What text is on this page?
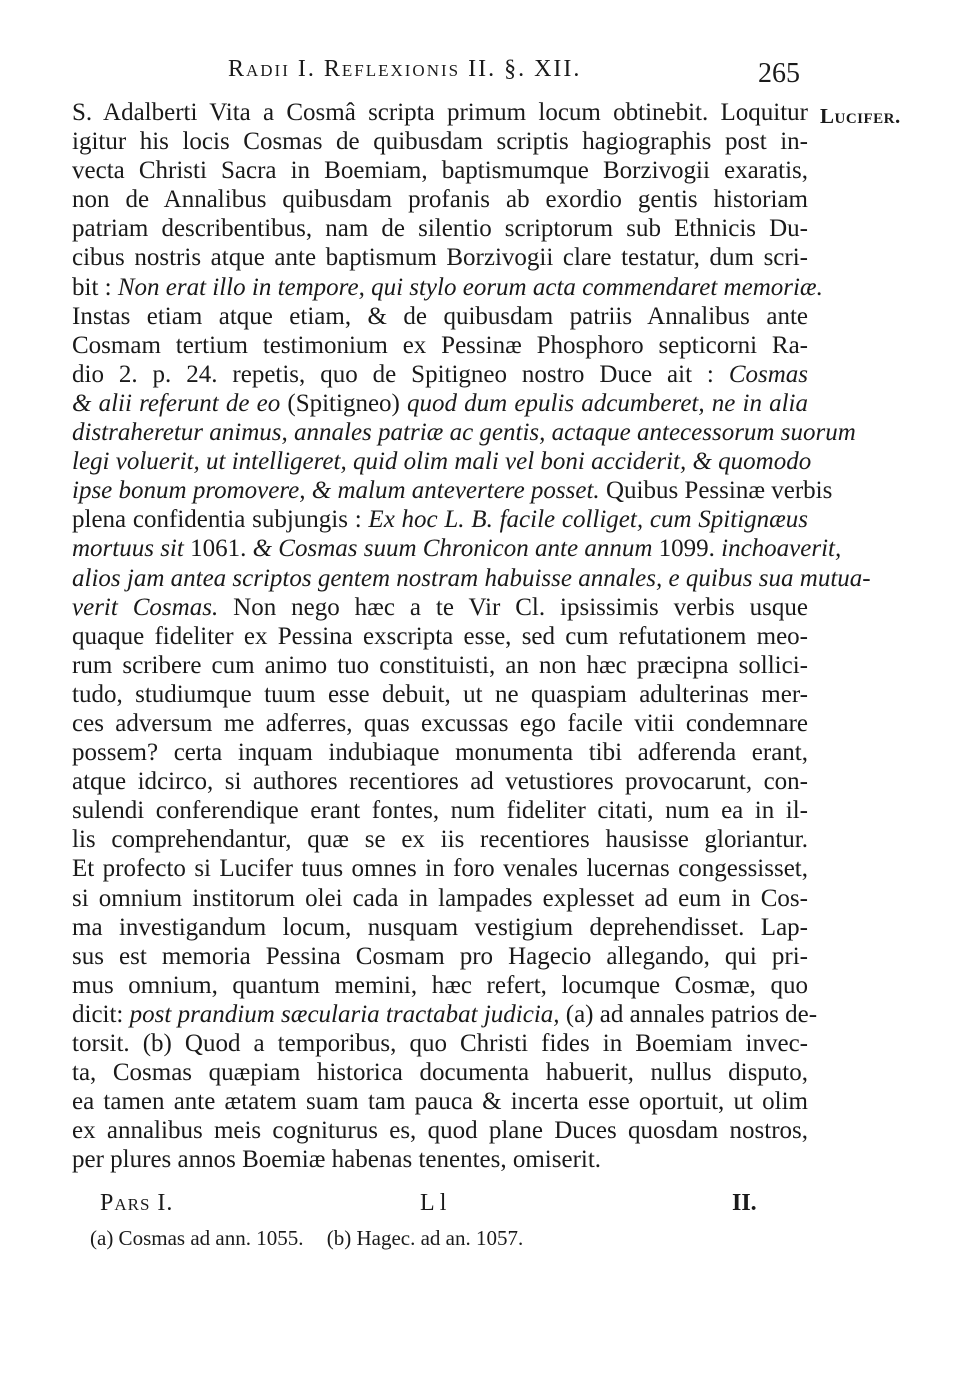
Radii I. Reflexionis II. §. XII.	265
Lucifer.
S. Adalberti Vita a Cosmâ scripta primum locum obtinebit. Loquitur
igitur his locis Cosmas de quibusdam scriptis hagiographis post in-
vecta Christi Sacra in Boemiam, baptismumque Borzivogii exaratis,
non de Annalibus quibusdam profanis ab exordio gentis historiam
patriam describentibus, nam de silentio scriptorum sub Ethnicis Du-
cibus nostris atque ante baptismum Borzivogii clare testatur, dum scri-
bit : Non erat illo in tempore, qui stylo eorum acta commendaret memoriæ.
Instas etiam atque etiam, & de quibusdam patriis Annalibus ante
Cosmam tertium testimonium ex Pessinæ Phosphoro septicorni Ra-
dio 2. p. 24. repetis, quo de Spitigneo nostro Duce ait : Cosmas
& alii referunt de eo (Spitigneo) quod dum epulis adcumberet, ne in alia
distraheretur animus, annales patriæ ac gentis, actaque antecessorum suorum
legi voluerit, ut intelligeret, quid olim mali vel boni acciderit, & quomodo
ipse bonum promovere, & malum antevertere posset. Quibus Pessinæ verbis
plena confidentia subjungis : Ex hoc L. B. facile colliget, cum Spitignæus
mortuus sit 1061. & Cosmas suum Chronicon ante annum 1099. inchoaverit,
alios jam antea scriptos gentem nostram habuisse annales, e quibus sua mutua-
verit Cosmas. Non nego hæc a te Vir Cl. ipsissimis verbis usque
quaque fideliter ex Pessina exscripta esse, sed cum refutationem meo-
rum scribere cum animo tuo constituisti, an non hæc præcipna sollici-
tudo, studiumque tuum esse debuit, ut ne quaspiam adulterinas mer-
ces adversum me adferres, quas excussas ego facile vitii condemnare
possem? certa inquam indubiaque monumenta tibi adferenda erant,
atque idcirco, si authores recentiores ad vetustiores provocarunt, con-
sulendi conferendique erant fontes, num fideliter citati, num ea in il-
lis comprehendantur, quæ se ex iis recentiores hausisse gloriantur.
Et profecto si Lucifer tuus omnes in foro venales lucernas congessisset,
si omnium institorum olei cada in lampades explesset ad eum in Cos-
ma investigandum locum, nusquam vestigium deprehendisset. Lap-
sus est memoria Pessina Cosmam pro Hagecio allegando, qui pri-
mus omnium, quantum memini, hæc refert, locumque Cosmæ, quo
dicit: post prandium sæcularia tractabat judicia, (a) ad annales patrios de-
torsit. (b) Quod a temporibus, quo Christi fides in Boemiam invec-
ta, Cosmas quæpiam historica documenta habuerit, nullus disputo,
ea tamen ante ætatem suam tam pauca & incerta esse oportuit, ut olim
ex annalibus meis cogniturus es, quod plane Duces quosdam nostros,
per plures annos Boemiæ habenas tenentes, omiserit.
Pars I.	L l	II.
(a) Cosmas ad ann. 1055. (b) Hagec. ad an. 1057.
